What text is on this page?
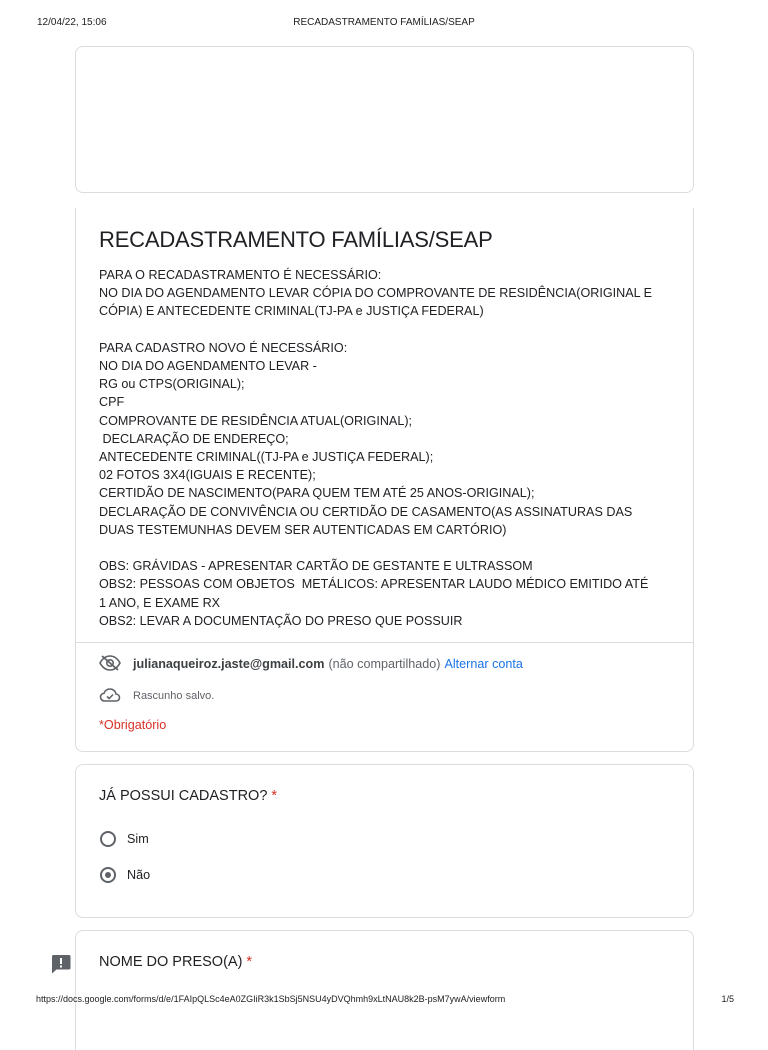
12/04/22, 15:06	RECADASTRAMENTO FAMÍLIAS/SEAP
RECADASTRAMENTO FAMÍLIAS/SEAP
PARA O RECADASTRAMENTO É NECESSÁRIO:
NO DIA DO AGENDAMENTO LEVAR CÓPIA DO COMPROVANTE DE RESIDÊNCIA(ORIGINAL E
CÓPIA) E ANTECEDENTE CRIMINAL(TJ-PA e JUSTIÇA FEDERAL)

PARA CADASTRO NOVO É NECESSÁRIO:
NO DIA DO AGENDAMENTO LEVAR -
RG ou CTPS(ORIGINAL);
CPF
COMPROVANTE DE RESIDÊNCIA ATUAL(ORIGINAL);
DECLARAÇÃO DE ENDEREÇO;
ANTECEDENTE CRIMINAL((TJ-PA e JUSTIÇA FEDERAL);
02 FOTOS 3X4(IGUAIS E RECENTE);
CERTIDÃO DE NASCIMENTO(PARA QUEM TEM ATÉ 25 ANOS-ORIGINAL);
DECLARAÇÃO DE CONVIVÊNCIA OU CERTIDÃO DE CASAMENTO(AS ASSINATURAS DAS
DUAS TESTEMUNHAS DEVEM SER AUTENTICADAS EM CARTÓRIO)

OBS: GRÁVIDAS - APRESENTAR CARTÃO DE GESTANTE E ULTRASSOM
OBS2: PESSOAS COM OBJETOS  METÁLICOS: APRESENTAR LAUDO MÉDICO EMITIDO ATÉ
1 ANO, E EXAME RX
OBS2: LEVAR A DOCUMENTAÇÃO DO PRESO QUE POSSUIR
julianaqueiroz.jaste@gmail.com (não compartilhado) Alternar conta
Rascunho salvo.
*Obrigatório
JÁ POSSUI CADASTRO? *
Sim
Não
NOME DO PRESO(A) *
https://docs.google.com/forms/d/e/1FAIpQLSc4eA0ZGIiR3k1SbSj5NSU4yDVQhmh9xLtNAU8k2B-psM7ywA/viewform	1/5
